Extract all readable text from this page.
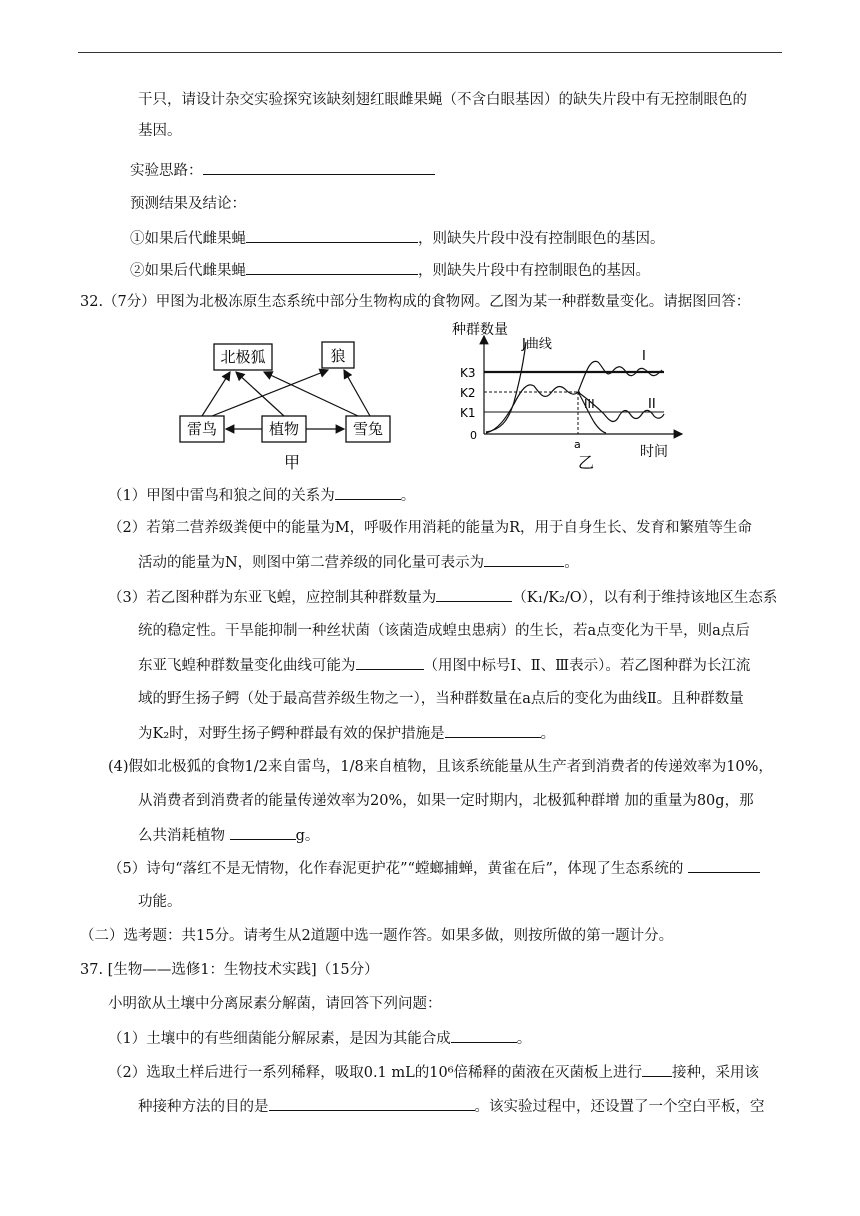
干只，请设计杂交实验探究该缺刻翅红眼雌果蝇（不含白眼基因）的缺失片段中有无控制眼色的
基因。
实验思路：
预测结果及结论：
①如果后代雌果蝇	，则缺失片段中没有控制眼色的基因。
②如果后代雌果蝇	，则缺失片段中有控制眼色的基因。
32.（7分）甲图为北极冻原生态系统中部分生物构成的食物网。乙图为某一种群数量变化。请据图回答：
北极狐	狼
雷鸟	植物	雪兔
甲
种群数量
时间
0
K3
K2
K1
a
J曲线
I
III	II
乙
（1）甲图中雷鸟和狼之间的关系为	。
（2）若第二营养级粪便中的能量为M，呼吸作用消耗的能量为R，用于自身生长、发育和繁殖等生命
活动的能量为N，则图中第二营养级的同化量可表示为	。
（3）若乙图种群为东亚飞蝗，应控制其种群数量为	（K₁/K₂/O），以有利于维持该地区生态系
统的稳定性。干旱能抑制一种丝状菌（该菌造成蝗虫患病）的生长，若a点变化为干旱，则a点后
东亚飞蝗种群数量变化曲线可能为	（用图中标号Ⅰ、Ⅱ、Ⅲ表示）。若乙图种群为长江流
域的野生扬子鳄（处于最高营养级生物之一），当种群数量在a点后的变化为曲线Ⅱ。且种群数量
为K₂时，对野生扬子鳄种群最有效的保护措施是	。
(4)假如北极狐的食物1/2来自雷鸟，1/8来自植物，且该系统能量从生产者到消费者的传递效率为10%，
从消费者到消费者的能量传递效率为20%，如果一定时期内，北极狐种群增 加的重量为80g，那
么共消耗植物	g。
（5）诗句“落红不是无情物，化作春泥更护花”“螳螂捕蝉，黄雀在后”，体现了生态系统的
功能。
（二）选考题：共15分。请考生从2道题中选一题作答。如果多做，则按所做的第一题计分。
37. [生物——选修1：生物技术实践]（15分）
小明欲从土壤中分离尿素分解菌，请回答下列问题：
（1）土壤中的有些细菌能分解尿素，是因为其能合成	。
（2）选取土样后进行一系列稀释，吸取0.1 mL的10⁶倍稀释的菌液在灭菌板上进行 接种，采用该
种接种方法的目的是	。该实验过程中，还设置了一个空白平板，空
